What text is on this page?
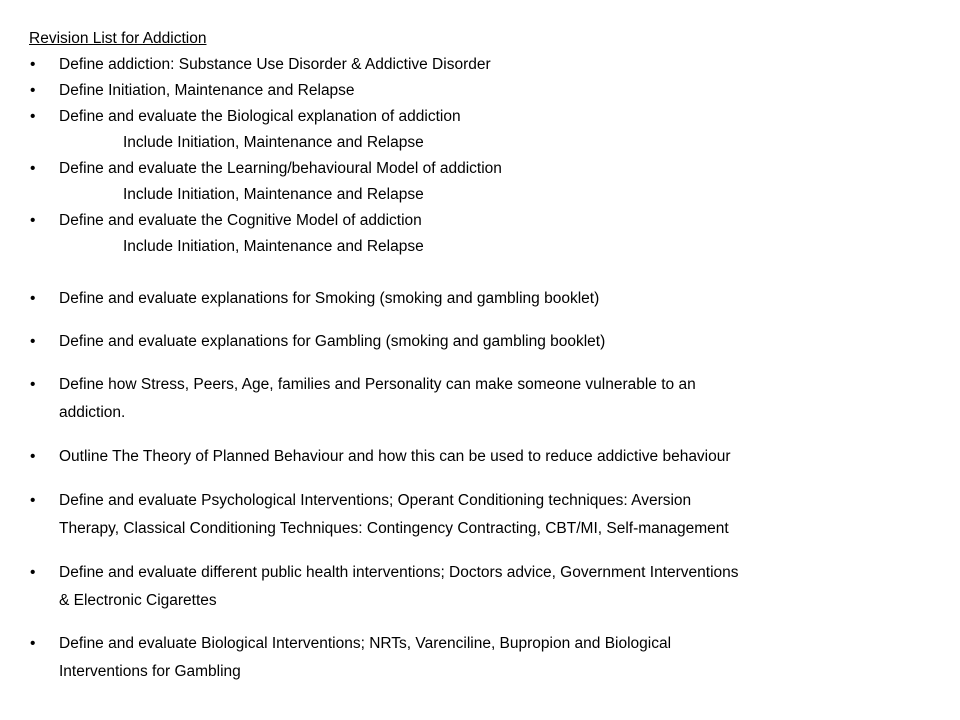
Revision List for Addiction
• Define addiction: Substance Use Disorder & Addictive Disorder
• Define Initiation, Maintenance and Relapse
• Define and evaluate the Biological explanation of addiction
Include Initiation, Maintenance and Relapse
• Define and evaluate the Learning/behavioural Model of addiction
Include Initiation, Maintenance and Relapse
• Define and evaluate the Cognitive Model of addiction
Include Initiation, Maintenance and Relapse
• Define and evaluate explanations for Smoking (smoking and gambling booklet)
• Define and evaluate explanations for Gambling (smoking and gambling booklet)
• Define how Stress, Peers, Age, families and Personality can make someone vulnerable to an
addiction.
• Outline The Theory of Planned Behaviour and how this can be used to reduce addictive behaviour
• Define and evaluate Psychological Interventions; Operant Conditioning techniques: Aversion
Therapy, Classical Conditioning Techniques: Contingency Contracting, CBT/MI, Self-management
• Define and evaluate different public health interventions; Doctors advice, Government Interventions
& Electronic Cigarettes
• Define and evaluate Biological Interventions; NRTs, Varenciline, Bupropion and Biological
Interventions for Gambling
